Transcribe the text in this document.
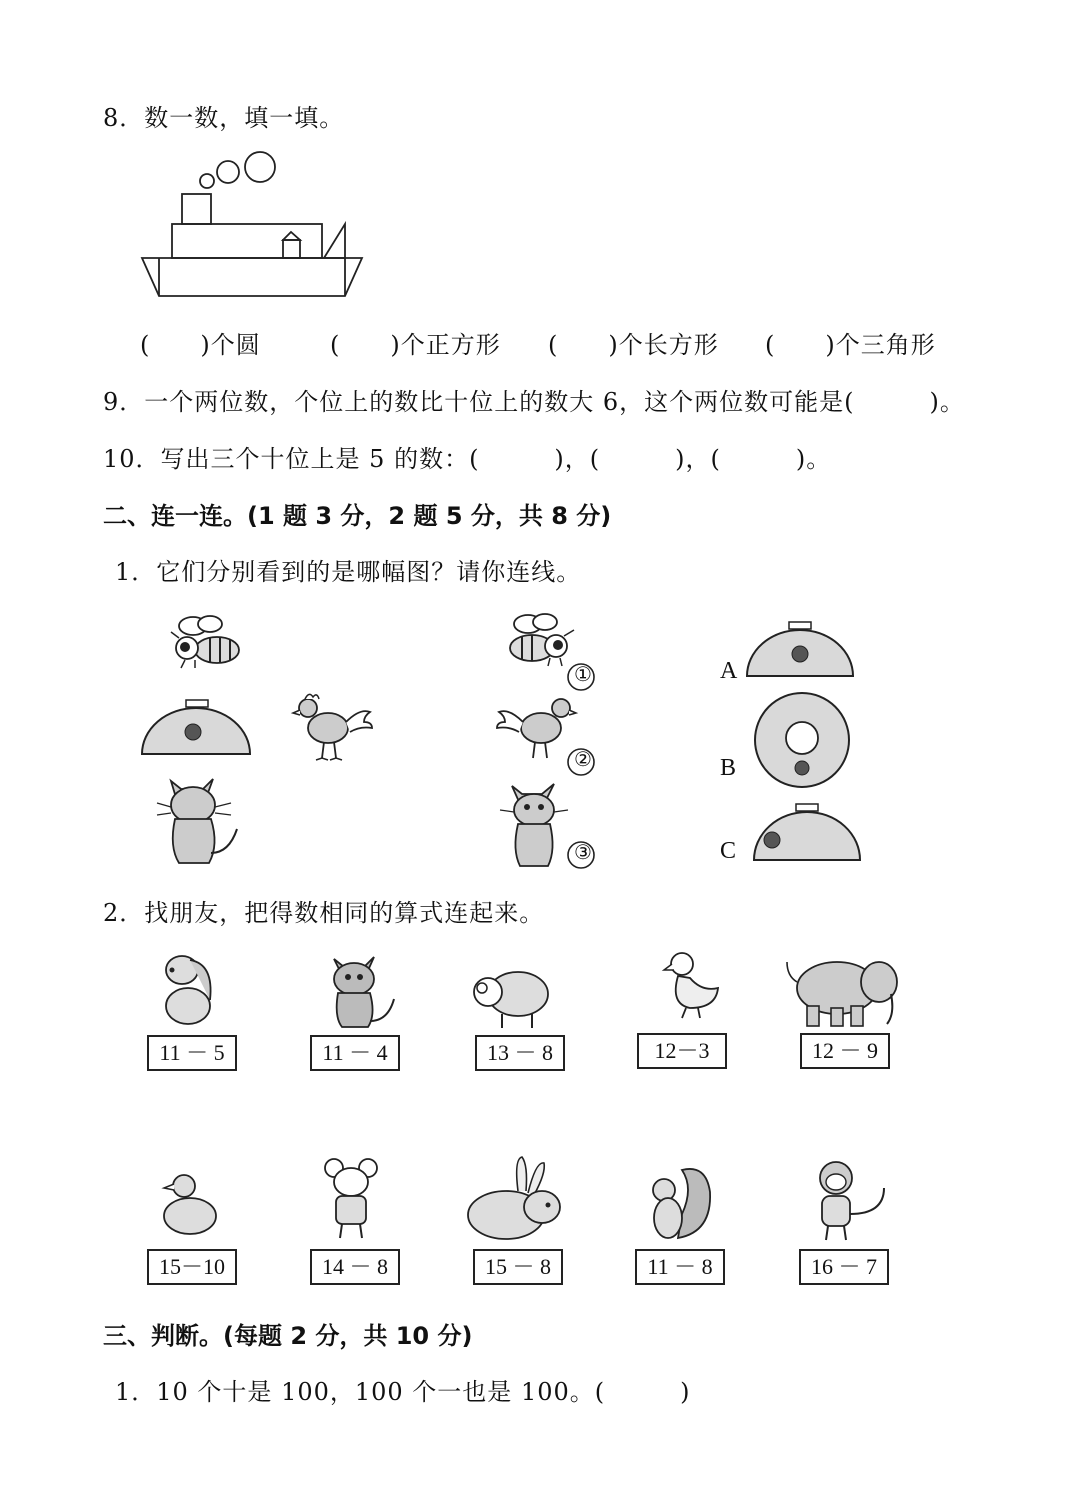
8．数一数，填一填。
(　　)个圆	(　　)个正方形 (　　)个长方形 (　　)个三角形
9．一个两位数，个位上的数比十位上的数大 6，这个两位数可能是(　　　)。
10．写出三个十位上是 5 的数：(　　　)，(　　　)，(　　　)。
二、连一连。(1 题 3 分，2 题 5 分，共 8 分)
1．它们分别看到的是哪幅图？请你连线。
①
②
③
A
B
C
2．找朋友，把得数相同的算式连起来。
11 － 5	11 － 4	13 － 8	12－3	12 － 9
15－10	14 － 8	15 － 8	11 － 8	16 － 7
三、判断。(每题 2 分，共 10 分)
1．10 个十是 100，100 个一也是 100。(　　　)
